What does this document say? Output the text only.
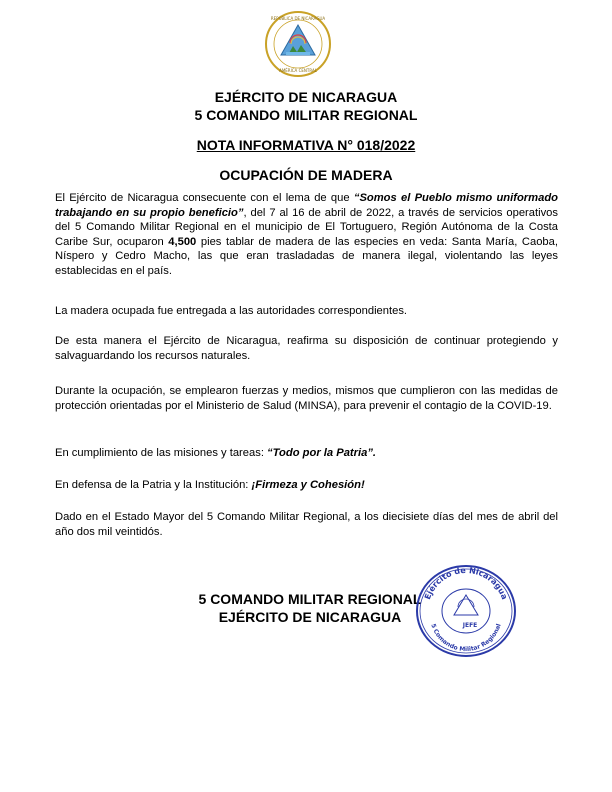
REPÚBLICA DE NICARAGUA
AMÉRICA CENTRAL
EJÉRCITO DE NICARAGUA
5 COMANDO MILITAR REGIONAL
NOTA INFORMATIVA N° 018/2022
OCUPACIÓN DE MADERA

El Ejército de Nicaragua consecuente con el lema de que “Somos el Pueblo mismo uniformado trabajando en su propio beneficio”, del 7 al 16 de abril de 2022, a través de servicios operativos del 5 Comando Militar Regional en el municipio de El Tortuguero, Región Autónoma de la Costa Caribe Sur, ocuparon 4,500 pies tablar de madera de las especies en veda: Santa María, Caoba, Níspero y Cedro Macho, las que eran trasladadas de manera ilegal, violentando las leyes establecidas en el país.

La madera ocupada fue entregada a las autoridades correspondientes.

De esta manera el Ejército de Nicaragua, reafirma su disposición de continuar protegiendo y salvaguardando los recursos naturales.

Durante la ocupación, se emplearon fuerzas y medios, mismos que cumplieron con las medidas de protección orientadas por el Ministerio de Salud (MINSA), para prevenir el contagio de la COVID-19.

En cumplimiento de las misiones y tareas: “Todo por la Patria”.

En defensa de la Patria y la Institución: ¡Firmeza y Cohesión!

Dado en el Estado Mayor del 5 Comando Militar Regional, a los diecisiete días del mes de abril del año dos mil veintidós.

5 COMANDO MILITAR REGIONAL
EJÉRCITO DE NICARAGUA
Ejército de Nicaragua
5 Comando Militar Regional
JEFE
